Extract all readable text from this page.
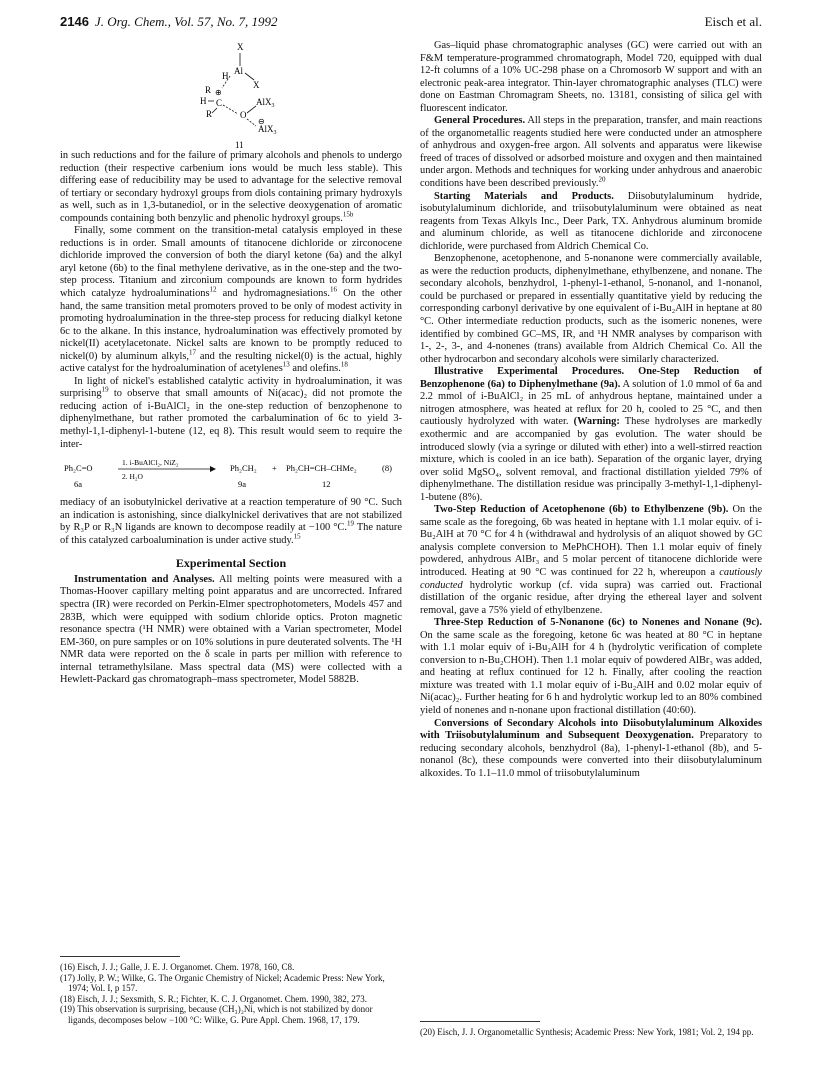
2146 J. Org. Chem., Vol. 57, No. 7, 1992	Eisch et al.
X
Al
H
X
R ⊕
H C
O
AlX$_3$
R
⊖
AlX$_3$
11

in such reductions and for the failure of primary alcohols and phenols to undergo reduction (their respective carbenium ions would be much less stable). This differing ease of reducibility may be used to advantage for the selective removal of tertiary or secondary hydroxyl groups from diols containing primary hydroxyls as well, such as in 1,3-butanediol, or in the selective deoxygenation of aromatic compounds containing both benzylic and phenolic hydroxyl groups.$^{15b}$

Finally, some comment on the transition-metal catalysis employed in these reductions is in order. Small amounts of titanocene dichloride or zirconocene dichloride improved the conversion of both the diaryl ketone (6a) and the alkyl aryl ketone (6b) to the final methylene derivative, as in the one-step and the two-step process. Titanium and zirconium compounds are known to form hydrides which catalyze hydroaluminations$^{12}$ and hydromagnesiations.$^{16}$ On the other hand, the same transition metal promoters proved to be only of modest activity in promoting hydroalumination in the three-step process for reducing dialkyl ketone 6c to the alkane. In this instance, hydroalumination was effectively promoted by nickel(II) acetylacetonate. Nickel salts are known to be promptly reduced to nickel(0) by aluminum alkyls,$^{17}$ and the resulting nickel(0) is the actual, highly active catalyst for the hydroalumination of acetylenes$^{13}$ and olefins.$^{18}$

In light of nickel's established catalytic activity in hydroalumination, it was surprising$^{19}$ to observe that small amounts of Ni(acac)₂ did not promote the reducing action of i-BuAlCl₂ in the one-step reduction of benzophenone to diphenylmethane, but rather promoted the carbalumination of 6c to yield 3-methyl-1,1-diphenyl-1-butene (12, eq 8). This result would seem to require the inter-

Ph₂C=O
6a
1. i-BuAlCl₂, NiZ₂
2. H₂O
Ph₂CH₂
9a
+ Ph₂CH=CH–CHMe₂
12
(8)

mediacy of an isobutylnickel derivative at a reaction temperature of 90 °C. Such an indication is astonishing, since dialkylnickel derivatives that are not stabilized by R₃P or R₃N ligands are known to decompose readily at −100 °C.$^{19}$ The nature of this catalyzed carboalumination is under active study.$^{15}$

Experimental Section

Instrumentation and Analyses. All melting points were measured with a Thomas-Hoover capillary melting point apparatus and are uncorrected. Infrared spectra (IR) were recorded on Perkin-Elmer spectrophotometers, Models 457 and 283B, which were equipped with sodium chloride optics. Proton magnetic resonance spectra (¹H NMR) were obtained with a Varian spectrometer, Model EM-360, on pure samples or on 10% solutions in pure deuterated solvents. The ¹H NMR data were reported on the δ scale in parts per million with reference to internal tetramethylsilane. Mass spectral data (MS) were collected with a Hewlett-Packard gas chromatograph–mass spectrometer, Model 5882B.

(16) Eisch, J. J.; Galle, J. E. J. Organomet. Chem. 1978, 160, C8.

(17) Jolly, P. W.; Wilke, G. The Organic Chemistry of Nickel; Academic Press: New York, 1974; Vol. I, p 157.

(18) Eisch, J. J.; Sexsmith, S. R.; Fichter, K. C. J. Organomet. Chem. 1990, 382, 273.

(19) This observation is surprising, because (CH₃)₂Ni, which is not stabilized by donor ligands, decomposes below −100 °C: Wilke, G. Pure Appl. Chem. 1968, 17, 179.

Gas–liquid phase chromatographic analyses (GC) were carried out with an F&M temperature-programmed chromatograph, Model 720, equipped with dual 12-ft columns of a 10% UC-298 phase on a Chromosorb W support and with an electronic peak-area integrator. Thin-layer chromatographic analyses (TLC) were done on Eastman Chromagram Sheets, no. 13181, consisting of silica gel with fluorescent indicator.

General Procedures. All steps in the preparation, transfer, and main reactions of the organometallic reagents studied here were conducted under an atmosphere of anhydrous and oxygen-free argon. All solvents and apparatus were likewise freed of traces of dissolved or adsorbed moisture and oxygen and then maintained under argon. Methods and techniques for working under anhydrous and anaerobic conditions have been described previously.$^{20}$

Starting Materials and Products. Diisobutylaluminum hydride, isobutylaluminum dichloride, and triisobutylaluminum were obtained as neat reagents from Texas Alkyls Inc., Deer Park, TX. Anhydrous aluminum bromide and aluminum chloride, as well as titanocene dichloride and zirconocene dichloride, were purchased from Aldrich Chemical Co.

Benzophenone, acetophenone, and 5-nonanone were commercially available, as were the reduction products, diphenylmethane, ethylbenzene, and nonane. The secondary alcohols, benzhydrol, 1-phenyl-1-ethanol, 5-nonanol, and 1-nonanol, could be purchased or prepared in essentially quantitative yield by reducing the corresponding carbonyl derivative by one equivalent of i-Bu₂AlH in heptane at 80 °C. Other intermediate reduction products, such as the isomeric nonenes, were identified by combined GC–MS, IR, and ¹H NMR analyses by comparison with 1-, 2-, 3-, and 4-nonenes (trans) available from Aldrich Chemical Co. All the other hydrocarbon and secondary alcohols were similarly characterized.

Illustrative Experimental Procedures. One-Step Reduction of Benzophenone (6a) to Diphenylmethane (9a). A solution of 1.0 mmol of 6a and 2.2 mmol of i-BuAlCl₂ in 25 mL of anhydrous heptane, maintained under a nitrogen atmosphere, was heated at reflux for 20 h, cooled to 25 °C, and then cautiously hydrolyzed with water. (Warning: These hydrolyses are markedly exothermic and are accompanied by gas evolution. The water should be introduced slowly (via a syringe or diluted with ether) into a well-stirred reaction mixture, which is cooled in an ice bath). Separation of the organic layer, drying over solid MgSO₄, solvent removal, and fractional distillation yielded 79% of diphenylmethane. The distillation residue was principally 3-methyl-1,1-diphenyl-1-butene (8%).

Two-Step Reduction of Acetophenone (6b) to Ethylbenzene (9b). On the same scale as the foregoing, 6b was heated in heptane with 1.1 molar equiv. of i-Bu₂AlH at 70 °C for 4 h (withdrawal and hydrolysis of an aliquot showed by GC analysis complete conversion to MePhCHOH). Then 1.1 molar equiv of finely powdered, anhydrous AlBr₃ and 5 molar percent of titanocene dichloride were introduced. Heating at 90 °C was continued for 22 h, whereupon a cautiously conducted hydrolytic workup (cf. vida supra) was carried out. Fractional distillation of the organic residue, after drying the ethereal layer and solvent removal, gave a 75% yield of ethylbenzene.

Three-Step Reduction of 5-Nonanone (6c) to Nonenes and Nonane (9c). On the same scale as the foregoing, ketone 6c was heated at 80 °C in heptane with 1.1 molar equiv of i-Bu₂AlH for 4 h (hydrolytic verification of complete conversion to n-Bu₂CHOH). Then 1.1 molar equiv of powdered AlBr₃ was added, and heating at reflux continued for 12 h. Finally, after cooling the reaction mixture was treated with 1.1 molar equiv of i-Bu₂AlH and 0.02 molar equiv of Ni(acac)₂. Further heating for 6 h and hydrolytic workup led to an 80% combined yield of nonenes and n-nonane upon fractional distillation (40:60).

Conversions of Secondary Alcohols into Diisobutylaluminum Alkoxides with Triisobutylaluminum and Subsequent Deoxygenation. Preparatory to reducing secondary alcohols, benzhydrol (8a), 1-phenyl-1-ethanol (8b), and 5-nonanol (8c), these compounds were converted into their diisobutylaluminum alkoxides. To 1.1–11.0 mmol of triisobutylaluminum

(20) Eisch, J. J. Organometallic Synthesis; Academic Press: New York, 1981; Vol. 2, 194 pp.
